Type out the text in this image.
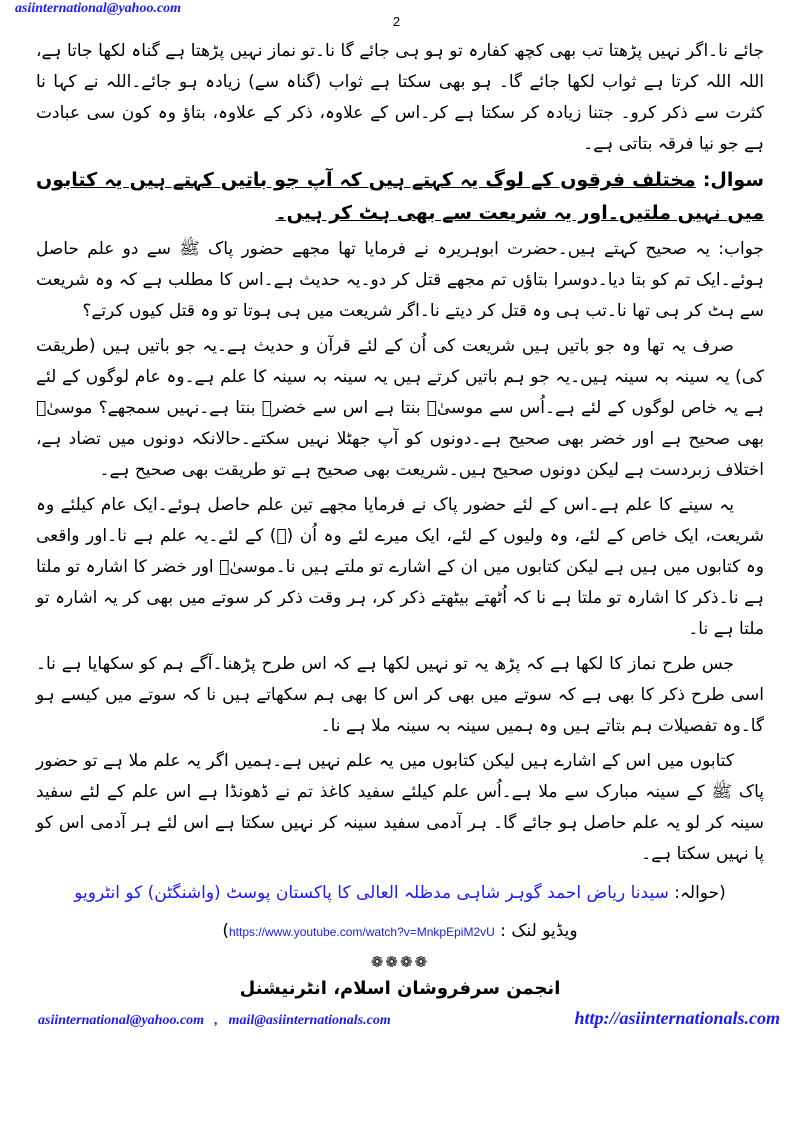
asiinternational@yahoo.com
2
جائے نا۔اگر نہیں پڑھتا تب بھی کچھ کفارہ تو ہو ہی جائے گا نا۔تو نماز نہیں پڑھتا ہے گناہ لکھا جاتا ہے، اللہ اللہ کرتا ہے ثواب لکھا جائے گا۔ ہو بھی سکتا ہے ثواب (گناہ سے) زیادہ ہو جائے۔اللہ نے کہا نا کثرت سے ذکر کرو۔ جتنا زیادہ کر سکتا ہے کر۔اس کے علاوہ، ذکر کے علاوہ، بتاؤ وہ کون سی عبادت ہے جو نیا فرقہ بتاتی ہے۔
سوال: مختلف فرقوں کے لوگ یہ کہتے ہیں کہ آپ جو باتیں کہتے ہیں یہ کتابوں میں نہیں ملتیں۔اور یہ شریعت سے بھی ہٹ کر ہیں۔
جواب: یہ صحیح کہتے ہیں۔حضرت ابوہریرہ نے فرمایا تھا مجھے حضور پاک ﷺ سے دو علم حاصل ہوئے۔ایک تم کو بتا دیا۔دوسرا بتاؤں تم مجھے قتل کر دو۔یہ حدیث ہے۔اس کا مطلب ہے کہ وہ شریعت سے ہٹ کر ہی تھا نا۔تب ہی وہ قتل کر دیتے نا۔اگر شریعت میں ہی ہوتا تو وہ قتل کیوں کرتے؟
صرف یہ تھا وہ جو باتیں ہیں شریعت کی اُن کے لئے قرآن و حدیث ہے۔یہ جو باتیں ہیں (طریقت کی) یہ سینہ بہ سینہ ہیں۔یہ جو ہم باتیں کرتے ہیں یہ سینہ بہ سینہ کا علم ہے۔وہ عام لوگوں کے لئے ہے یہ خاص لوگوں کے لئے ہے۔اُس سے موسیٰؑ بنتا ہے اس سے خضرؑ بنتا ہے۔نہیں سمجھے؟ موسیٰؑ بھی صحیح ہے اور خضر بھی صحیح ہے۔دونوں کو آپ جھٹلا نہیں سکتے۔حالانکہ دونوں میں تضاد ہے، اختلاف زبردست ہے لیکن دونوں صحیح ہیں۔شریعت بھی صحیح ہے تو طریقت بھی صحیح ہے۔
یہ سینے کا علم ہے۔اس کے لئے حضور پاک نے فرمایا مجھے تین علم حاصل ہوئے۔ایک عام کیلئے وہ شریعت، ایک خاص کے لئے، وہ ولیوں کے لئے، ایک میرے لئے وہ اُن (ﷺ) کے لئے۔یہ علم ہے نا۔اور واقعی وہ کتابوں میں ہیں ہے لیکن کتابوں میں ان کے اشارے تو ملتے ہیں نا۔موسیٰؑ اور خضر کا اشارہ تو ملتا ہے نا۔ذکر کا اشارہ تو ملتا ہے نا کہ اُٹھتے بیٹھتے ذکر کر، ہر وقت ذکر کر سوتے میں بھی کر یہ اشارہ تو ملتا ہے نا۔
جس طرح نماز کا لکھا ہے کہ پڑھ یہ تو نہیں لکھا ہے کہ اس طرح پڑھنا۔آگے ہم کو سکھایا ہے نا۔اسی طرح ذکر کا بھی ہے کہ سوتے میں بھی کر اس کا بھی ہم سکھاتے ہیں نا کہ سوتے میں کیسے ہو گا۔وہ تفصیلات ہم بتاتے ہیں وہ ہمیں سینہ بہ سینہ ملا ہے نا۔
کتابوں میں اس کے اشارے ہیں لیکن کتابوں میں یہ علم نہیں ہے۔ہمیں اگر یہ علم ملا ہے تو حضور پاک ﷺ کے سینہ مبارک سے ملا ہے۔اُس علم کیلئے سفید کاغذ تم نے ڈھونڈا ہے اس علم کے لئے سفید سینہ کر لو یہ علم حاصل ہو جائے گا۔ ہر آدمی سفید سینہ کر نہیں سکتا ہے اس لئے ہر آدمی اس کو پا نہیں سکتا ہے۔
(حوالہ: سیدنا ریاض احمد گوہر شاہی مدظلہ العالی کا پاکستان پوسٹ (واشنگٹن) کو انٹرویو
ویڈیو لنک : https://www.youtube.com/watch?v=MnkpEpiM2vU)
❁❁❁❁
انجمن سرفروشان اسلام، انٹرنیشنل
asiinternational@yahoo.com   ,   mail@asiinternationals.com	http://asiinternationals.com
